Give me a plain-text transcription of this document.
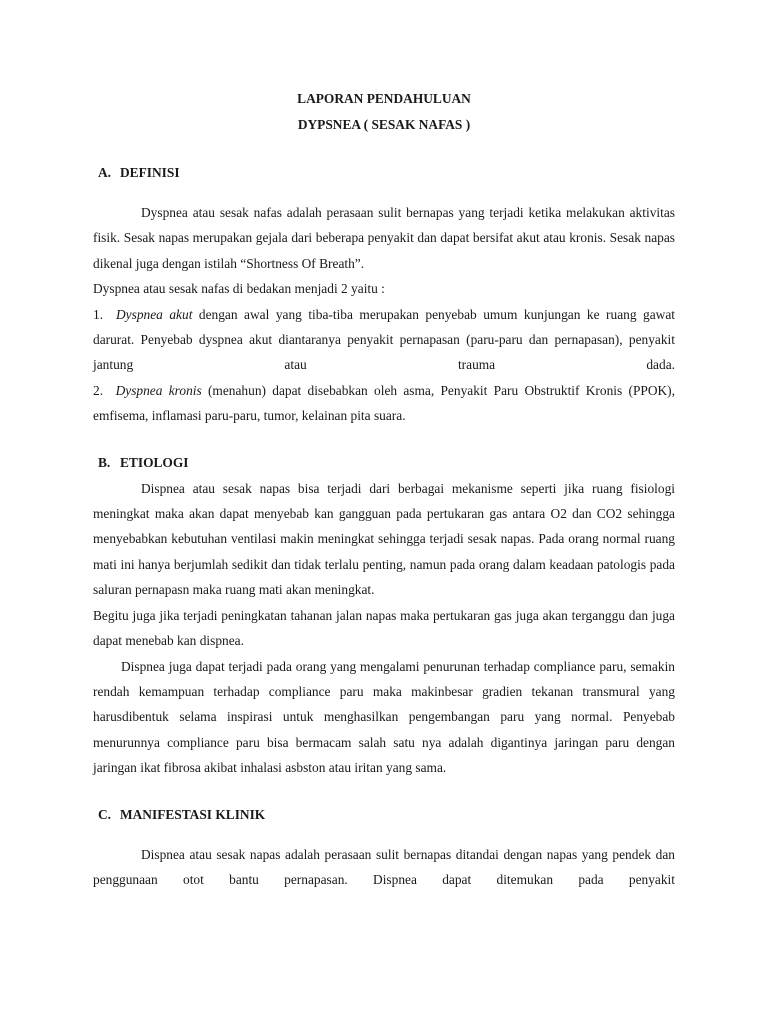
LAPORAN PENDAHULUAN

DYPSNEA ( SESAK NAFAS )

A. DEFINISI

Dyspnea atau sesak nafas adalah perasaan sulit bernapas yang terjadi ketika melakukan aktivitas fisik. Sesak napas merupakan gejala dari beberapa penyakit dan dapat bersifat akut atau kronis. Sesak napas dikenal juga dengan istilah “Shortness Of Breath”.

Dyspnea atau sesak nafas di bedakan menjadi 2 yaitu :

1. Dyspnea akut dengan awal yang tiba-tiba merupakan penyebab umum kunjungan ke ruang gawat darurat. Penyebab dyspnea akut diantaranya penyakit pernapasan (paru-paru dan pernapasan), penyakit jantung atau trauma dada.

2. Dyspnea kronis (menahun) dapat disebabkan oleh asma, Penyakit Paru Obstruktif Kronis (PPOK), emfisema, inflamasi paru-paru, tumor, kelainan pita suara.

B. ETIOLOGI

Dispnea atau sesak napas bisa terjadi dari berbagai mekanisme seperti jika ruang fisiologi meningkat maka akan dapat menyebab kan gangguan pada pertukaran gas antara O2 dan CO2 sehingga menyebabkan kebutuhan ventilasi makin meningkat sehingga terjadi sesak napas. Pada orang normal ruang mati ini hanya berjumlah sedikit dan tidak terlalu penting, namun pada orang dalam keadaan patologis pada saluran pernapasn maka ruang mati akan meningkat.

Begitu juga jika terjadi peningkatan tahanan jalan napas maka pertukaran gas juga akan terganggu dan juga dapat menebab kan dispnea.

Dispnea juga dapat terjadi pada orang yang mengalami penurunan terhadap compliance paru, semakin rendah kemampuan terhadap compliance paru maka makinbesar gradien tekanan transmural yang harusdibentuk selama inspirasi untuk menghasilkan pengembangan paru yang normal. Penyebab menurunnya compliance paru bisa bermacam salah satu nya adalah digantinya jaringan paru dengan jaringan ikat fibrosa akibat inhalasi asbston atau iritan yang sama.

C. MANIFESTASI KLINIK

Dispnea atau sesak napas adalah perasaan sulit bernapas ditandai dengan napas yang pendek dan penggunaan otot bantu pernapasan. Dispnea dapat ditemukan pada penyakit
